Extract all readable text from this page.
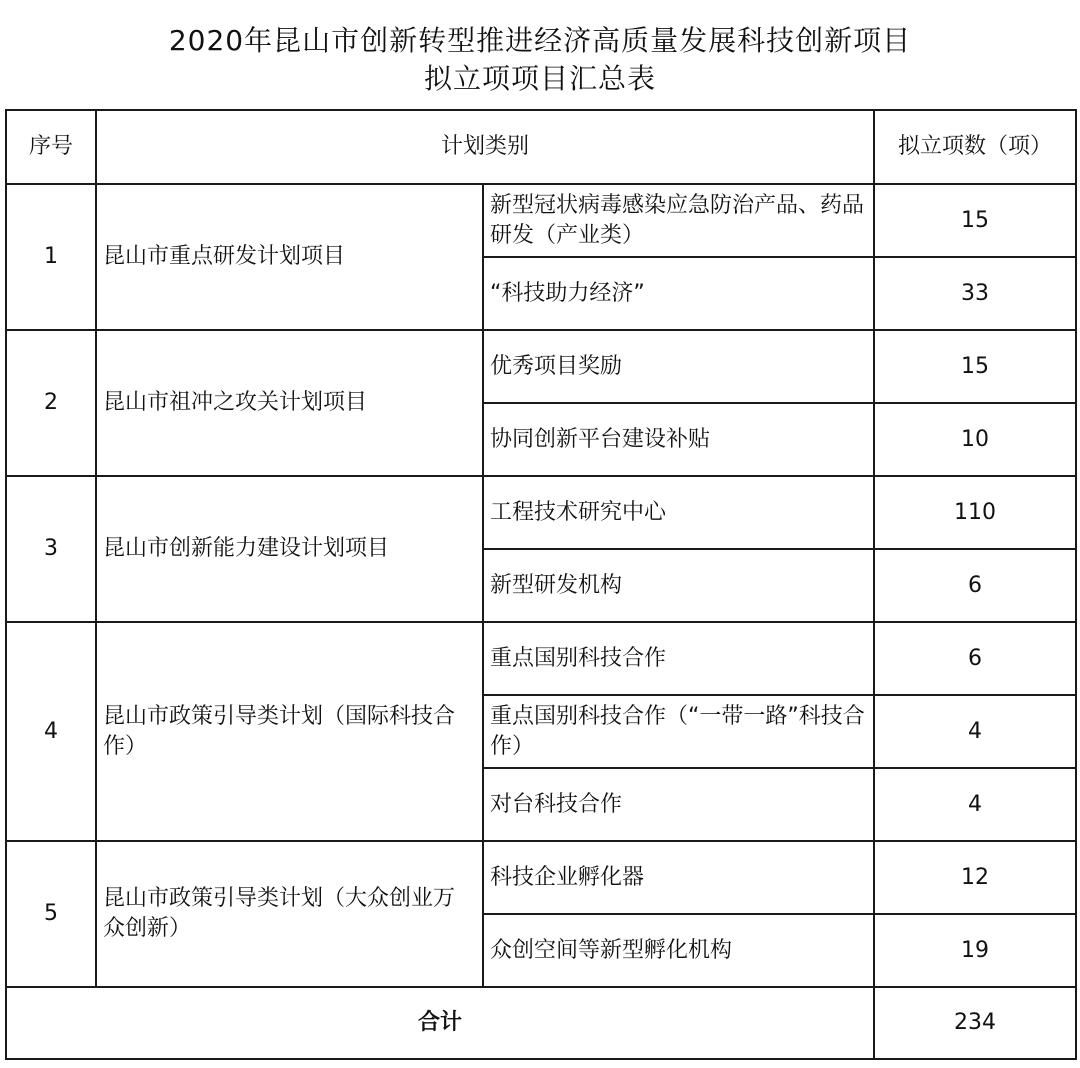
2020年昆山市创新转型推进经济高质量发展科技创新项目
拟立项项目汇总表
序号	计划类别		拟立项数（项）
1	昆山市重点研发计划项目	新型冠状病毒感染应急防治产品、药品研发（产业类）	15
		“科技助力经济”	33
2	昆山市祖冲之攻关计划项目	优秀项目奖励	15
		协同创新平台建设补贴	10
3	昆山市创新能力建设计划项目	工程技术研究中心	110
		新型研发机构	6
4	昆山市政策引导类计划（国际科技合作）	重点国别科技合作	6
		重点国别科技合作（“一带一路”科技合作）	4
		对台科技合作	4
5	昆山市政策引导类计划（大众创业万众创新）	科技企业孵化器	12
		众创空间等新型孵化机构	19
合计			234
